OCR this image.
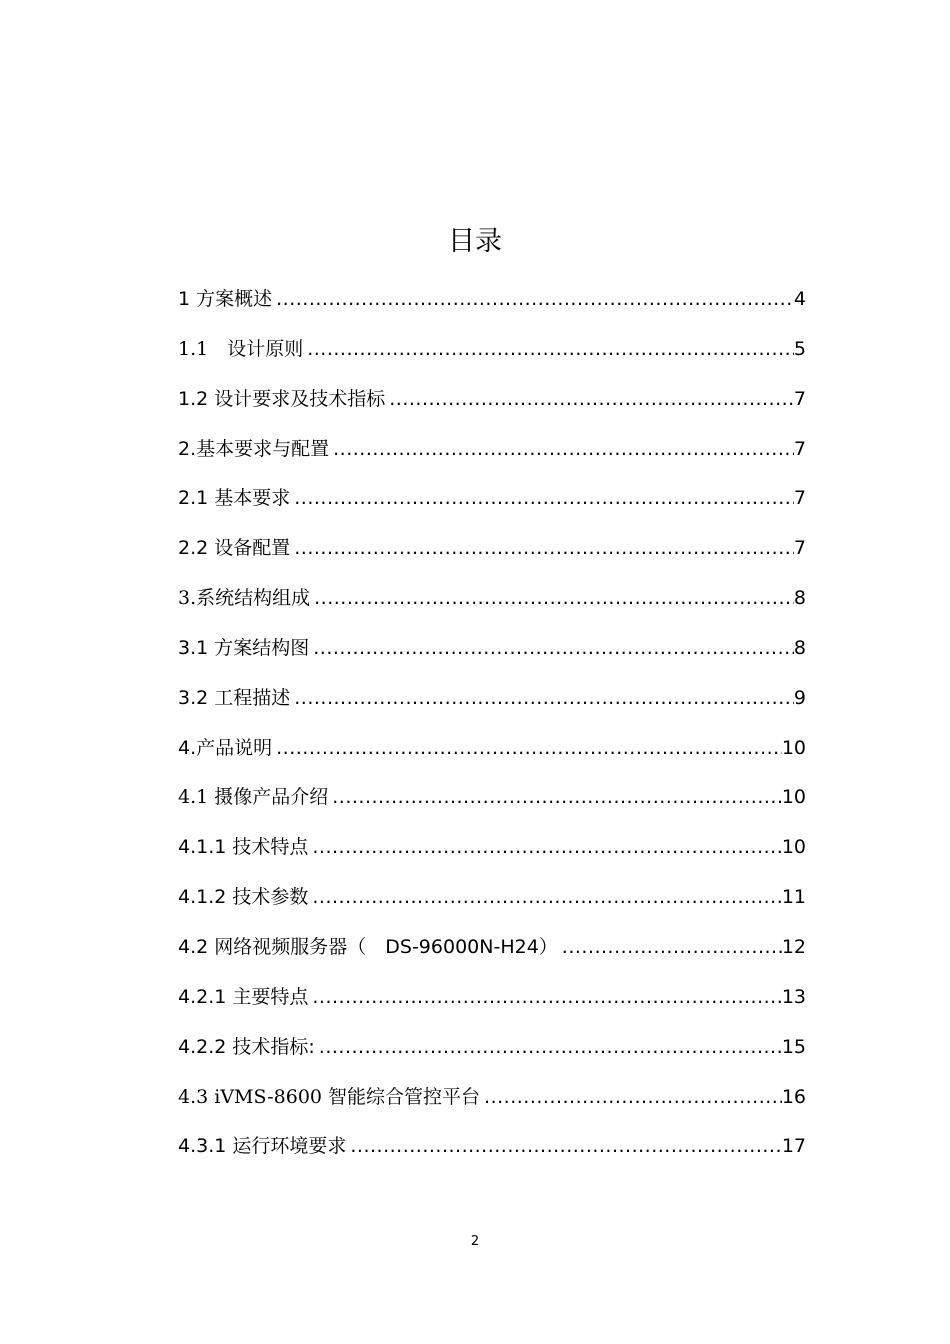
目录
1 方案概述 .....	4
1.1　设计原则 .....	5
1.2 设计要求及技术指标 .....	7
2.基本要求与配置 .....	7
2.1 基本要求 .....	7
2.2 设备配置 .....	7
3.系统结构组成 .....	8
3.1 方案结构图 .....	8
3.2 工程描述 .....	9
4.产品说明 .....	10
4.1 摄像产品介绍 .....	10
4.1.1 技术特点 .....	10
4.1.2 技术参数 .....	11
4.2 网络视频服务器（　DS-96000N-H24） .....	12
4.2.1 主要特点 .....	13
4.2.2 技术指标: .....	15
4.3 iVMS-8600 智能综合管控平台 .....	16
4.3.1 运行环境要求 .....	17
2
